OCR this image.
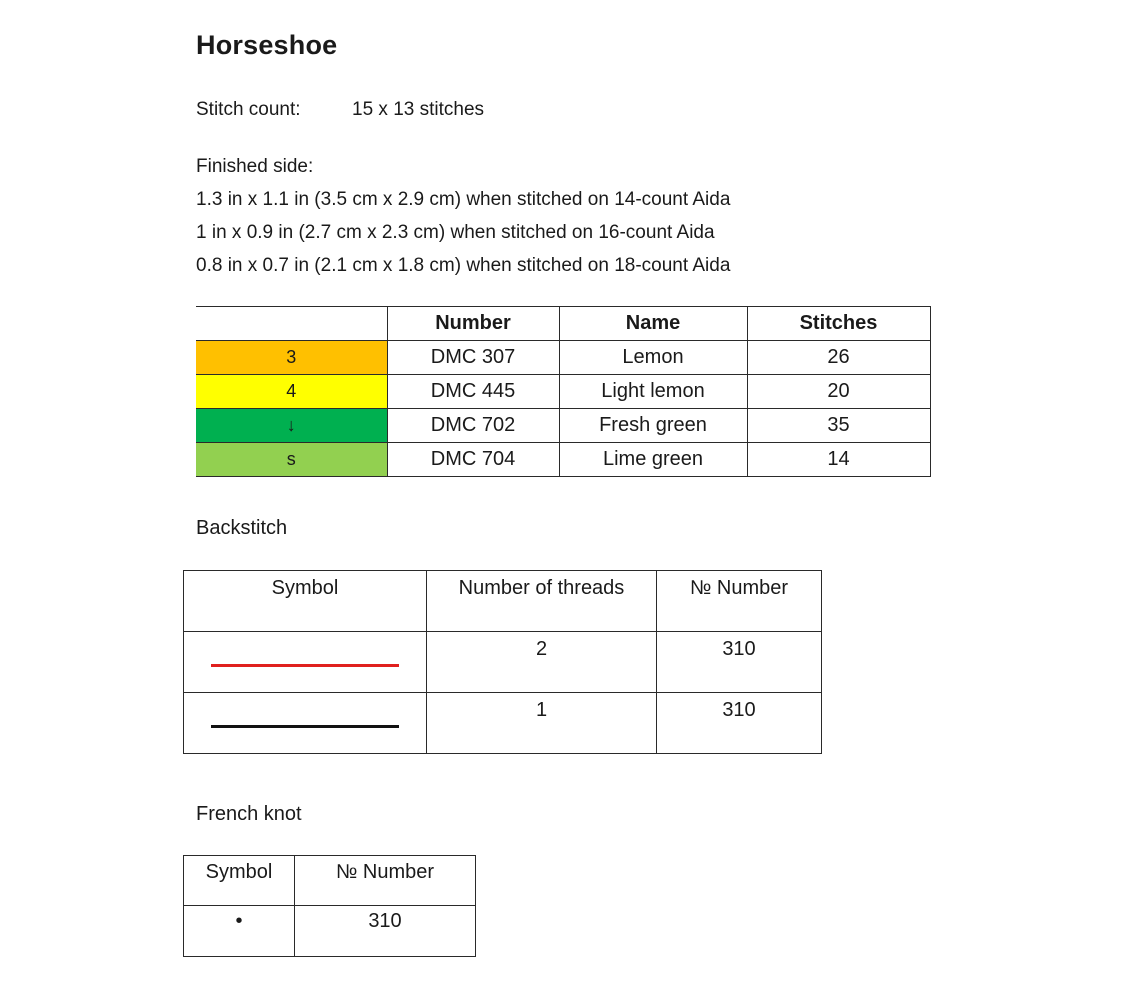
Horseshoe
Stitch count:	15 x 13 stitches
Finished side:
1.3 in x 1.1 in (3.5 cm x 2.9 cm) when stitched on 14-count Aida
1 in x 0.9 in (2.7 cm x 2.3 cm) when stitched on 16-count Aida
0.8 in x 0.7 in (2.1 cm x 1.8 cm) when stitched on 18-count Aida
	Number	Name	Stitches
3	DMC 307	Lemon	26
4	DMC 445	Light lemon	20
↓	DMC 702	Fresh green	35
s	DMC 704	Lime green	14
Backstitch
Symbol	Number of threads	№ Number

	2	310

	1	310
French knot
Symbol	№ Number
•	310
